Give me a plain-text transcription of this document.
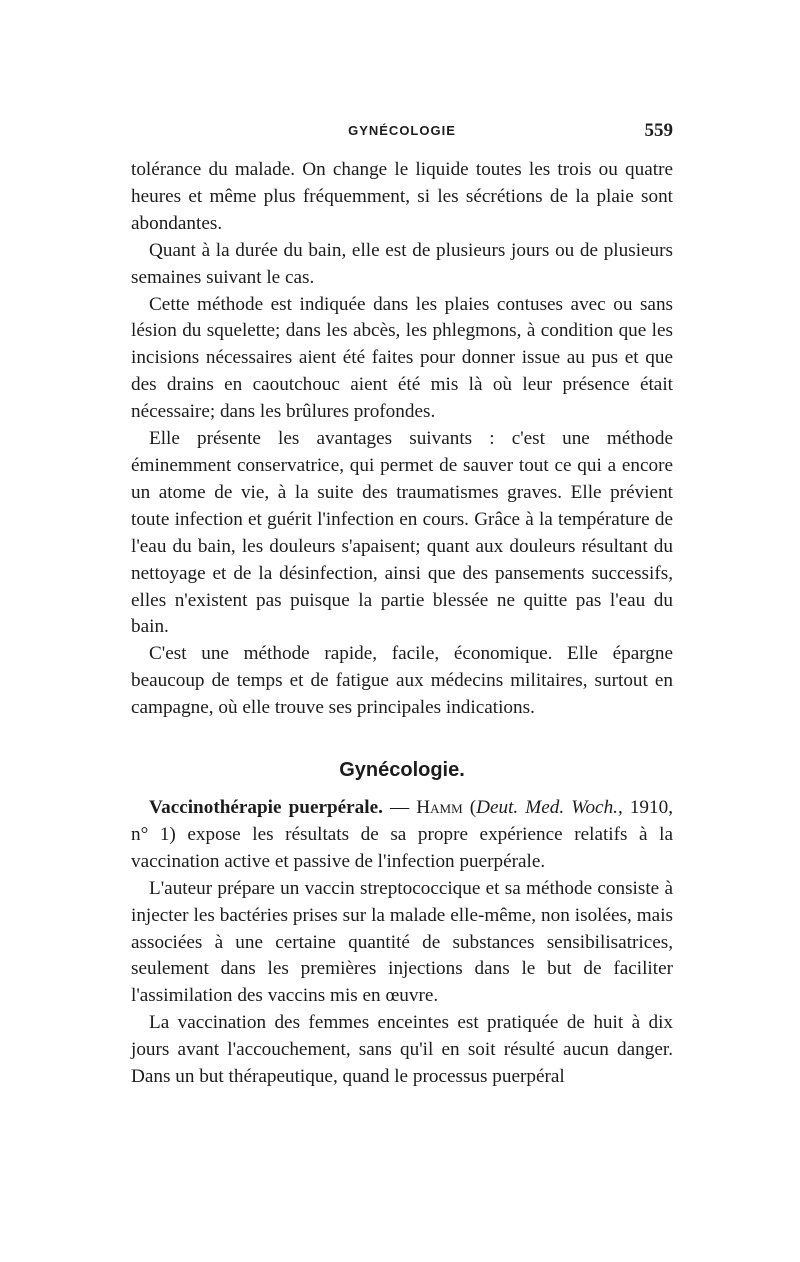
GYNÉCOLOGIE	559

tolérance du malade. On change le liquide toutes les trois ou quatre heures et même plus fréquemment, si les sécrétions de la plaie sont abondantes.

Quant à la durée du bain, elle est de plusieurs jours ou de plusieurs semaines suivant le cas.

Cette méthode est indiquée dans les plaies contuses avec ou sans lésion du squelette; dans les abcès, les phlegmons, à condition que les incisions nécessaires aient été faites pour donner issue au pus et que des drains en caoutchouc aient été mis là où leur présence était nécessaire; dans les brûlures profondes.

Elle présente les avantages suivants : c'est une méthode éminemment conservatrice, qui permet de sauver tout ce qui a encore un atome de vie, à la suite des traumatismes graves. Elle prévient toute infection et guérit l'infection en cours. Grâce à la température de l'eau du bain, les douleurs s'apaisent; quant aux douleurs résultant du nettoyage et de la désinfection, ainsi que des pansements successifs, elles n'existent pas puisque la partie blessée ne quitte pas l'eau du bain.

C'est une méthode rapide, facile, économique. Elle épargne beaucoup de temps et de fatigue aux médecins militaires, surtout en campagne, où elle trouve ses principales indications.

Gynécologie.

Vaccinothérapie puerpérale. — Hamm (Deut. Med. Woch., 1910, n° 1) expose les résultats de sa propre expérience relatifs à la vaccination active et passive de l'infection puerpérale.

L'auteur prépare un vaccin streptococcique et sa méthode consiste à injecter les bactéries prises sur la malade elle-même, non isolées, mais associées à une certaine quantité de substances sensibilisatrices, seulement dans les premières injections dans le but de faciliter l'assimilation des vaccins mis en œuvre.

La vaccination des femmes enceintes est pratiquée de huit à dix jours avant l'accouchement, sans qu'il en soit résulté aucun danger. Dans un but thérapeutique, quand le processus puerpéral
